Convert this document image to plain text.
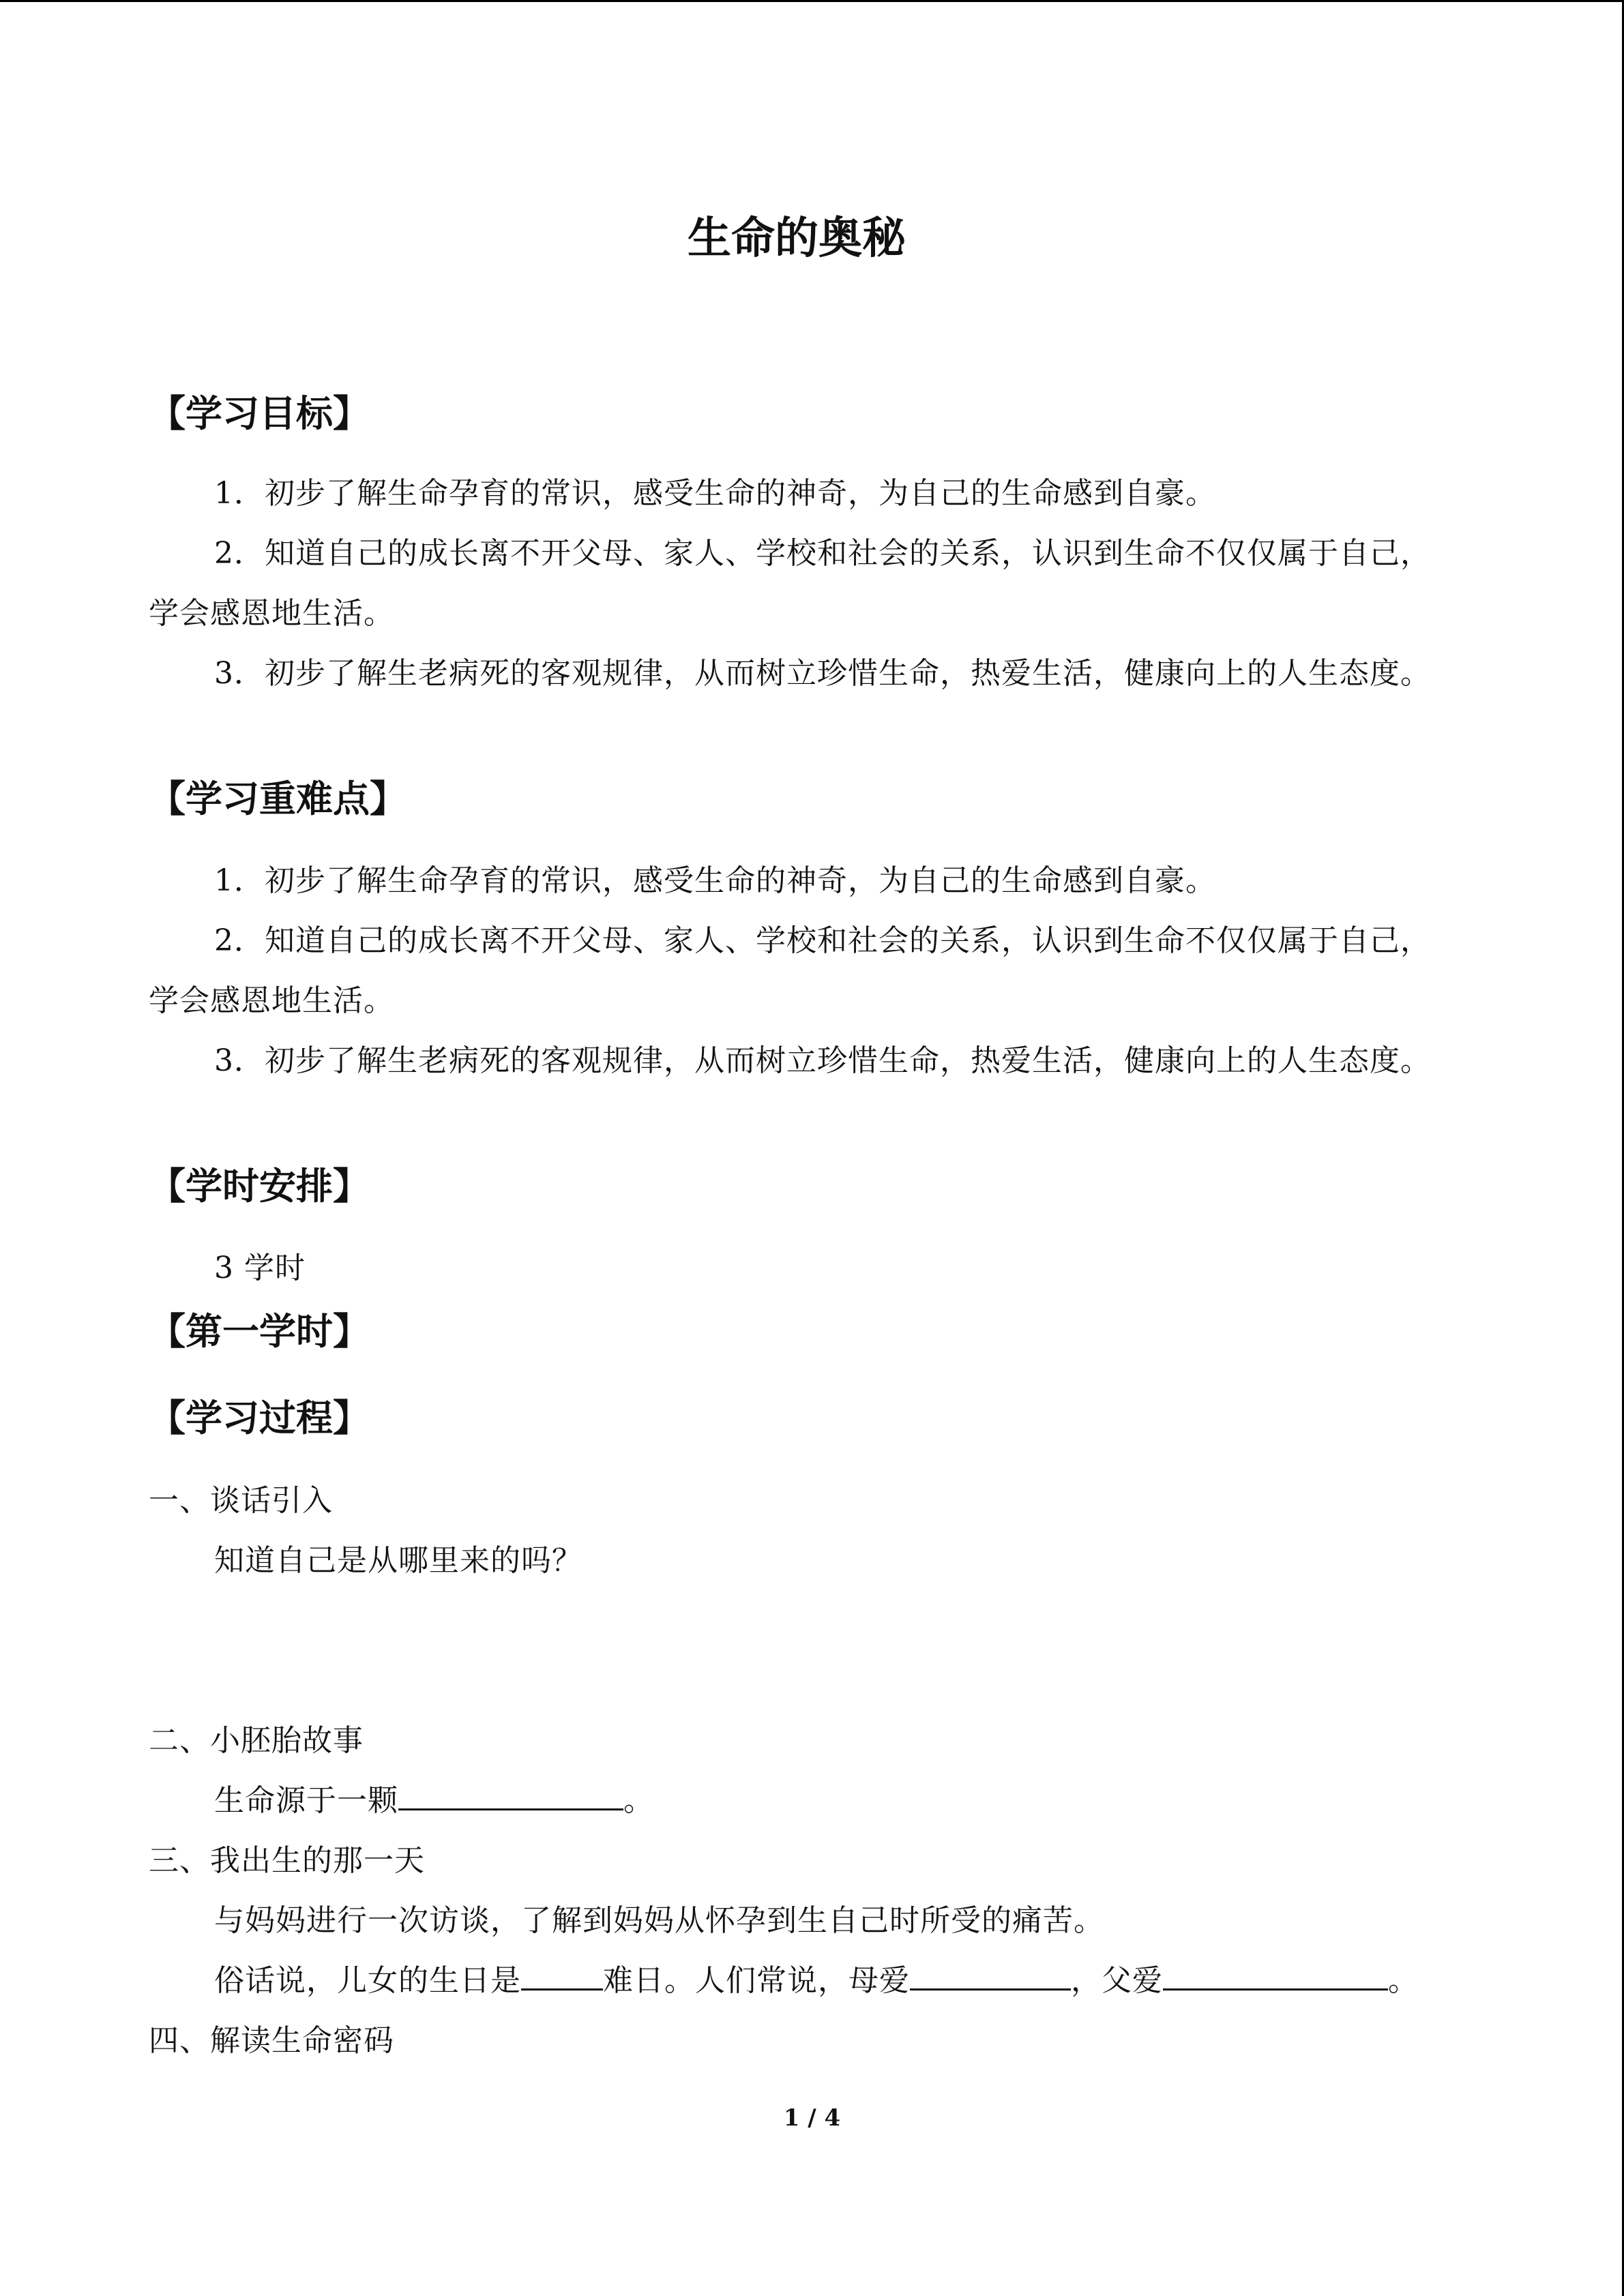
生命的奥秘
【学习目标】
1．初步了解生命孕育的常识，感受生命的神奇，为自己的生命感到自豪。
2．知道自己的成长离不开父母、家人、学校和社会的关系，认识到生命不仅仅属于自己，学会感恩地生活。
3．初步了解生老病死的客观规律，从而树立珍惜生命，热爱生活，健康向上的人生态度。
【学习重难点】
1．初步了解生命孕育的常识，感受生命的神奇，为自己的生命感到自豪。
2．知道自己的成长离不开父母、家人、学校和社会的关系，认识到生命不仅仅属于自己，学会感恩地生活。
3．初步了解生老病死的客观规律，从而树立珍惜生命，热爱生活，健康向上的人生态度。
【学时安排】
3 学时
【第一学时】
【学习过程】
一、谈话引入
知道自己是从哪里来的吗？
二、小胚胎故事
生命源于一颗	。
三、我出生的那一天
与妈妈进行一次访谈，了解到妈妈从怀孕到生自己时所受的痛苦。
俗话说，儿女的生日是	难日。人们常说，母爱	，父爱	。
四、解读生命密码
1 / 4
